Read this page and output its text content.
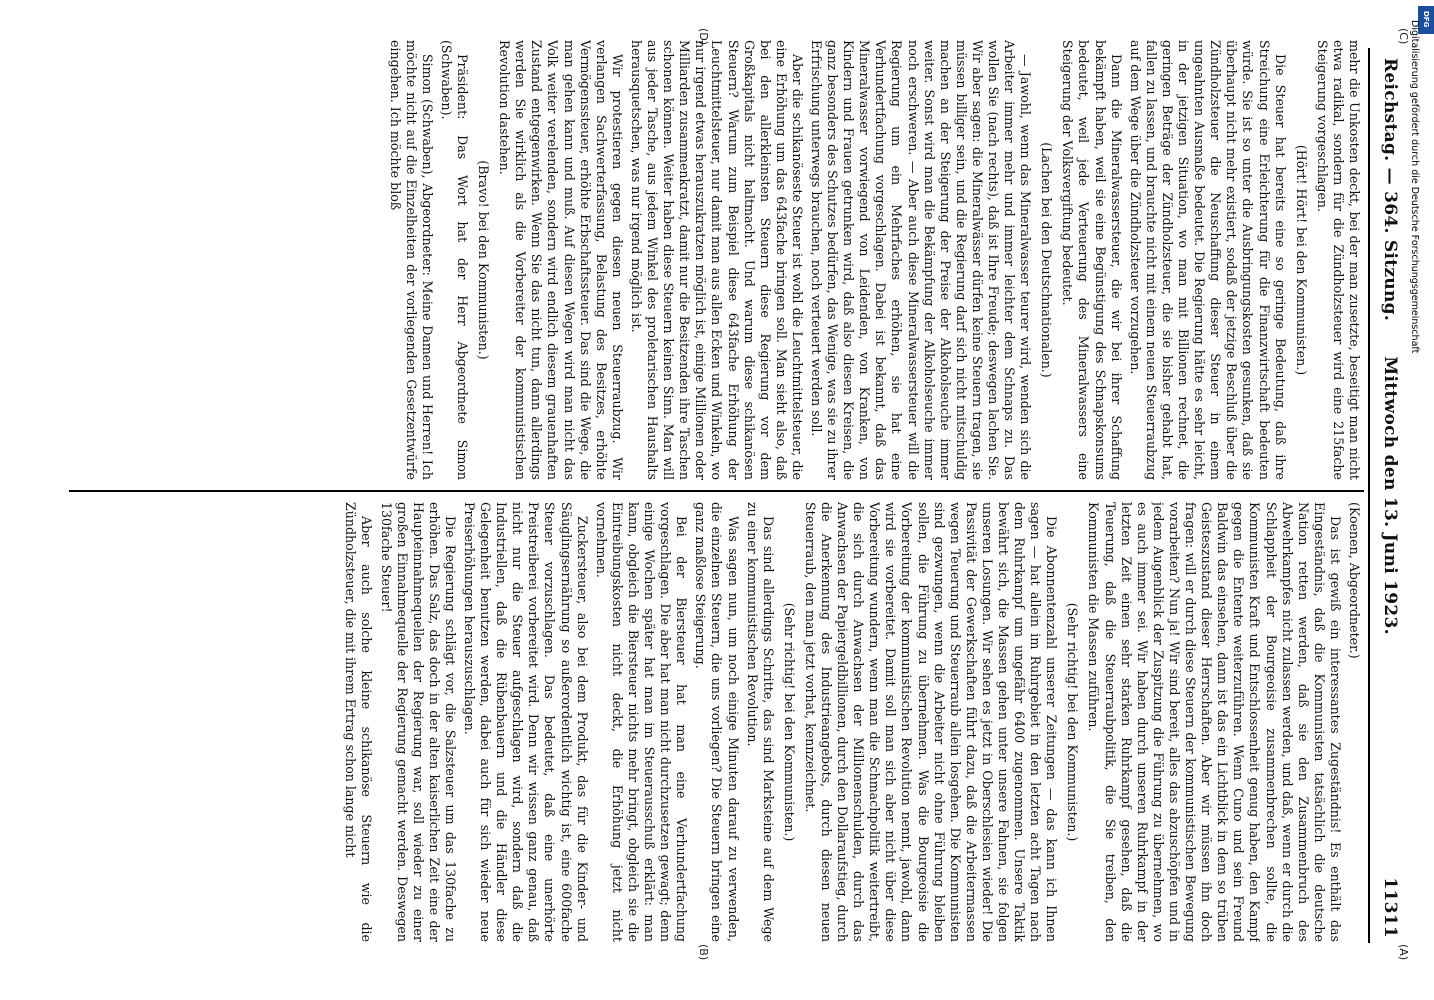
Reichstag. — 364. Sitzung.
Mittwoch den 13. Juni 1923.  11311

(Koenen, Abgeordneter.)

Das ist gewiß ein interessantes Zugeständnis! Es enthält das Eingeständnis, daß die Kommunisten tatsächlich die deutsche Nation retten werden, daß sie den Zusammenbruch des Abwehrkampfes nicht zulassen werden, und daß, wenn er durch die Schlappheit der Bourgeoisie zusammenbrechen sollte, die Kommunisten Kraft und Entschlossenheit genug haben, den Kampf gegen die Entente weiterzuführen. Wenn Cuno und sein Freund Baldwin das einsehen, dann ist das ein Lichtblick in dem so trüben Geisteszustand dieser Herrschaften. Aber wir müssen ihn doch fragen: will er durch diese Steuern der kommunistischen Bewegung vorarbeiten? Nun ja! Wir sind bereit, alles das abzuschöpfen und in jedem Augenblick der Zuspitzung die Führung zu übernehmen, wo es auch immer sei. Wir haben durch unseren Ruhrkampf in der letzten Zeit einen sehr starken Ruhrkampf gesehen, daß die Teuerung, daß die Steuerraubpolitik, die Sie treiben, den Kommunisten die Massen zuführen.

(Sehr richtig! bei den Kommunisten.)

Die Abonnentenzahl unserer Zeitungen — das kann ich Ihnen sagen — hat allein im Ruhrgebiet in den letzten acht Tagen nach dem Ruhrkampf um ungefähr 6400 zugenommen. Unsere Taktik bewährt sich, die Massen gehen unter unsere Fahnen, sie folgen unseren Losungen. Wir sehen es jetzt in Oberschlesien wieder! Die Passivität der Gewerkschaften führt dazu, daß die Arbeitermassen wegen Teuerung und Steuerraub allein losgehen. Die Kommunisten sind gezwungen, wenn die Arbeiter nicht ohne Führung bleiben sollen, die Führung zu übernehmen. Was die Bourgeoisie die Vorbereitung der kommunistischen Revolution nennt, jawohl, dann wird sie vorbereitet. Damit soll man sich aber nicht über diese Vorbereitung wundern, wenn man die Schmachpolitik weitertreibt, die sich durch Anwachsen der Millionenschulden, durch das Anwachsen der Papiergeldbillionen, durch den Dollaraufstieg, durch die Anerkennung des Industrieangebots, durch diesen neuen Steuerraub, den man jetzt vorhat, kennzeichnet.

(Sehr richtig! bei den Kommunisten.)

Das sind allerdings Schritte, das sind Marksteine auf dem Wege zu einer kommunistischen Revolution.

Was sagen nun, um noch einige Minuten darauf zu verwenden, die einzelnen Steuern, die uns vorliegen? Die Steuern bringen eine ganz maßlose Steigerung.

Bei der Biersteuer hat man eine Verhundertfachung vorgeschlagen. Die aber hat man nicht durchzusetzen gewagt; denn einige Wochen später hat man im Steuerausschuß erklärt: man kann, obgleich die Biersteuer nichts mehr bringt, obgleich sie die Eintreibungskosten nicht deckt, die Erhöhung jetzt nicht vornehmen.

Zuckersteuer, also bei dem Produkt, das für die Kinder- und Säuglingsernährung so außerordentlich wichtig ist, eine 600fache Steuer vorzuschlagen. Das bedeutet, daß eine unerhörte Preistreiberei vorbereitet wird. Denn wir wissen ganz genau, daß nicht nur die Steuer aufgeschlagen wird, sondern daß die Industriellen, daß die Rübenbauern und die Händler diese Gelegenheit benutzen werden, dabei auch für sich wieder neue Preiserhöhungen herauszuschlagen.

Die Regierung schlägt vor, die Salzsteuer um das 130fache zu erhöhen. Das Salz, das doch in der alten kaiserlichen Zeit eine der Haupteinnahmequellen der Regierung war, soll wieder zu einer großen Einnahmequelle der Regierung gemacht werden. Deswegen 130fache Steuer!

Aber auch solche kleine schikanöse Steuern wie die Zündholzsteuer, die mit ihrem Ertrag schon lange nicht

mehr die Unkosten deckt, bei der man zusetzte, beseitigt man nicht etwa radikal, sondern für die Zündholzsteuer wird eine 215fache Steigerung vorgeschlagen.

(Hört! Hört! bei den Kommunisten.)

Die Steuer hat bereits eine so geringe Bedeutung, daß ihre Streichung eine Erleichterung für die Finanzwirtschaft bedeuten würde. Sie ist so unter die Ausbringungskosten gesunken, daß sie überhaupt nicht mehr existiert, sodaß der jetzige Beschluß über die Zündholzsteuer die Neuschaffung dieser Steuer in einem ungeahnten Ausmaße bedeutet. Die Regierung hätte es sehr leicht, in der jetzigen Situation, wo man mit Billionen rechnet, die geringen Beträge der Zündholzsteuer, die sie bisher gehabt hat, fallen zu lassen, und brauchte nicht mit einem neuen Steuerraubzug auf dem Wege über die Zündholzsteuer vorzugehen.

Dann die Mineralwassersteuer, die wir bei ihrer Schaffung bekämpft haben, weil sie eine Begünstigung des Schnapskonsums bedeutet, weil jede Verteuerung des Mineralwassers eine Steigerung der Volksvergiftung bedeutet.

(Lachen bei den Deutschnationalen.)

— Jawohl, wenn das Mineralwasser teurer wird, wenden sich die Arbeiter immer mehr und immer leichter dem Schnaps zu. Das wollen Sie (nach rechts), daß ist Ihre Freude; deswegen lachen Sie. Wir aber sagen: die Mineralwässer dürfen keine Steuern tragen, sie müssen billiger sein, und die Regierung darf sich nicht mitschuldig machen an der Steigerung der Preise der Alkoholseuche immer weiter. Sonst wird man die Bekämpfung der Alkoholseuche immer noch erschweren. — Aber auch diese Mineralwassersteuer will die Regierung um ein Mehrfaches erhöhen, sie hat eine Verhundertfachung vorgeschlagen. Dabei ist bekannt, daß das Mineralwasser vorwiegend von Leidenden, von Kranken, von Kindern und Frauen getrunken wird, daß also diesen Kreisen, die ganz besonders des Schutzes bedürfen, das Wenige, was sie zu ihrer Erfrischung unterwegs brauchen, noch verteuert werden soll.

Aber die schikanöseste Steuer ist wohl die Leuchtmittelsteuer, die eine Erhöhung um das 643fache bringen soll. Man sieht also, daß bei den allerkleinsten Steuern diese Regierung vor dem Großkapitals nicht haltmacht. Und warum diese schikanösen Steuern? Warum zum Beispiel diese 643fache Erhöhung der Leuchtmittelsteuer, nur damit man aus allen Ecken und Winkeln, wo nur irgend etwas herauszukratzen möglich ist, einige Millionen oder Milliarden zusammenkratzt, damit nur die Besitzenden ihre Taschen schonen können. Weiter haben diese Steuern keinen Sinn. Man will aus jeder Tasche, aus jedem Winkel des proletarischen Haushalts herausquetschen, was nur irgend möglich ist.

Wir protestieren gegen diesen neuen Steuerraubzug. Wir verlangen Sachwerterfassung, Belastung des Besitzes, erhöhte Vermögenssteuer, erhöhte Erbschaftssteuer. Das sind die Wege, die man gehen kann und muß. Auf diesen Wegen wird man nicht das Volk weiter verelenden, sondern wird endlich diesem grauenhaften Zustand entgegenwirken. Wenn Sie das nicht tun, dann allerdings werden Sie wirklich als die Vorbereiter der kommunistischen Revolution dastehen.

(Bravo! bei den Kommunisten.)

Präsident: Das Wort hat der Herr Abgeordnete Simon (Schwaben).

Simon (Schwaben), Abgeordneter: Meine Damen und Herren! Ich möchte nicht auf die Einzelheiten der vorliegenden Gesetzentwürfe eingehen. Ich möchte bloß

(A)
(B)
(C)
(D)
DFG
Digitalisierung gefördert durch die Deutsche Forschungsgemeinschaft
